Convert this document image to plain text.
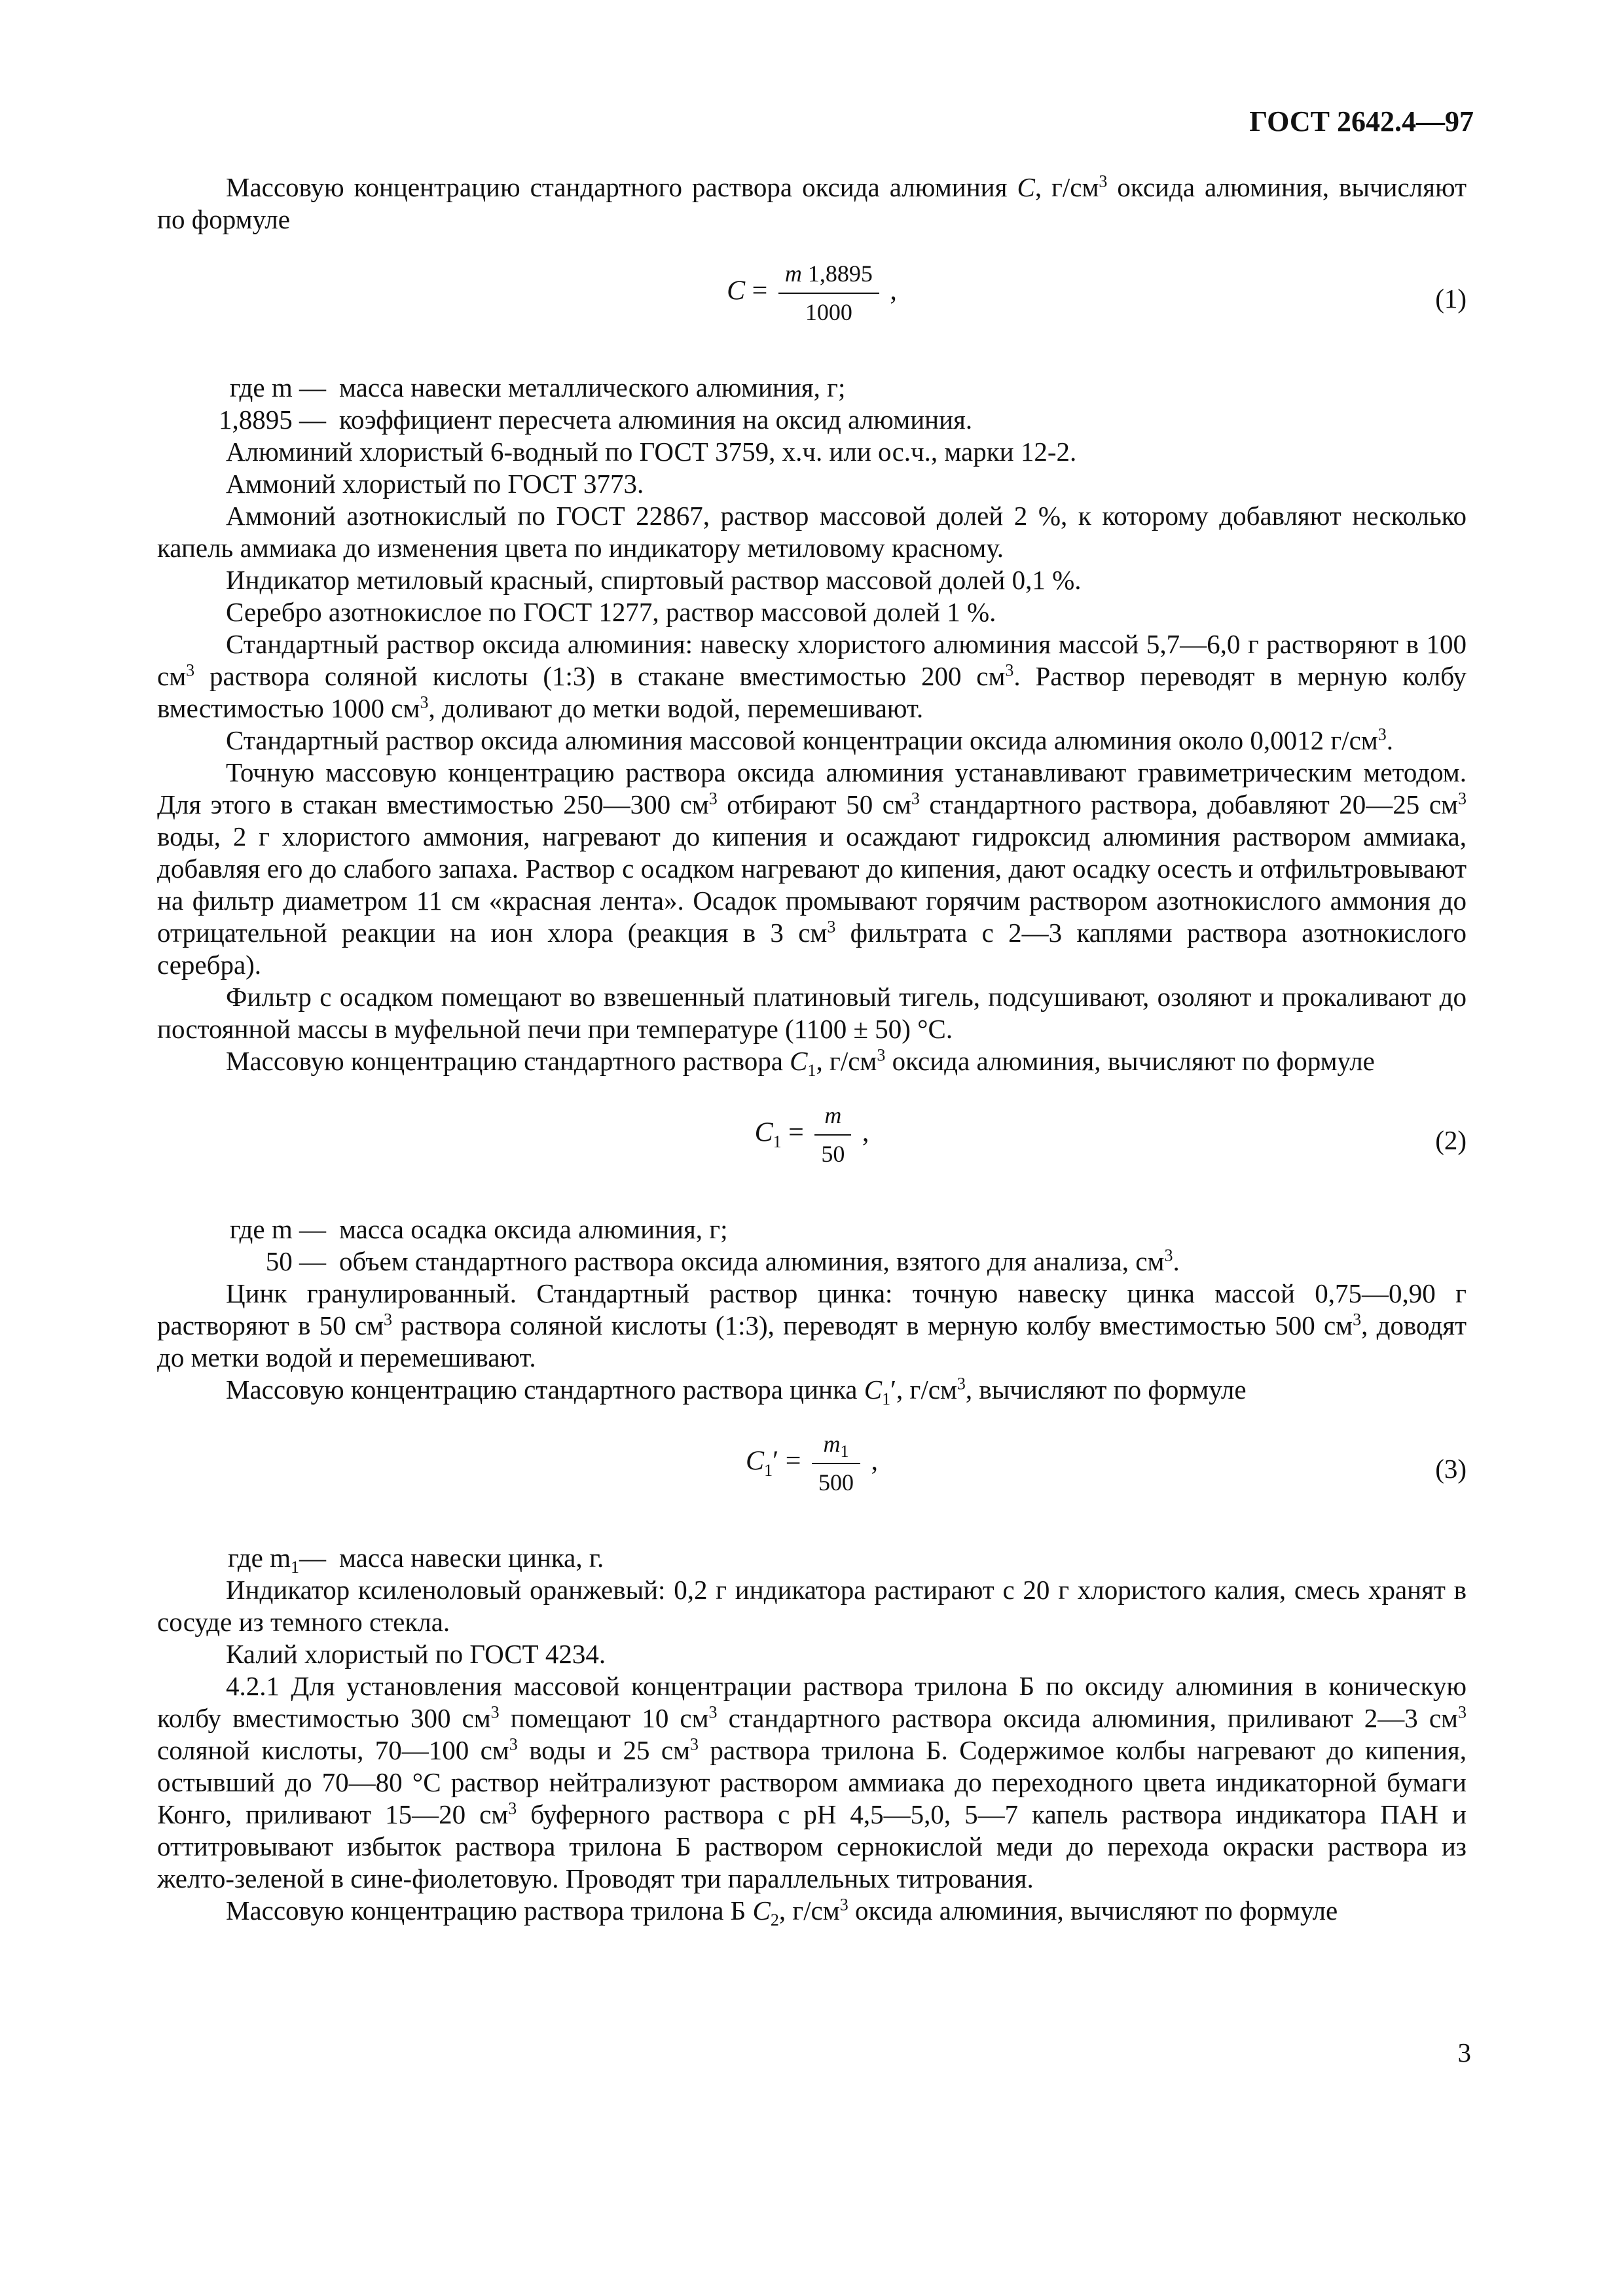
ГОСТ 2642.4—97

Массовую концентрацию стандартного раствора оксида алюминия C, $г/см^3$ оксида алюминия, вычисляют по формуле

$C = \frac{m 1,8895}{1000}$ ,	(1)

где m — масса навески металлического алюминия, г;

1,8895 — коэффициент пересчета алюминия на оксид алюминия.

Алюминий хлористый 6-водный по ГОСТ 3759, х.ч. или ос.ч., марки 12-2.

Аммоний хлористый по ГОСТ 3773.

Аммоний азотнокислый по ГОСТ 22867, раствор массовой долей 2 %, к которому добавляют несколько капель аммиака до изменения цвета по индикатору метиловому красному.

Индикатор метиловый красный, спиртовый раствор массовой долей 0,1 %.

Серебро азотнокислое по ГОСТ 1277, раствор массовой долей 1 %.

Стандартный раствор оксида алюминия: навеску хлористого алюминия массой 5,7—6,0 г растворяют в 100 $см^3$ раствора соляной кислоты (1:3) в стакане вместимостью 200 $см^3$. Раствор переводят в мерную колбу вместимостью 1000 $см^3$, доливают до метки водой, перемешивают.

Стандартный раствор оксида алюминия массовой концентрации оксида алюминия около 0,0012 $г/см^3$.

Точную массовую концентрацию раствора оксида алюминия устанавливают гравиметрическим методом. Для этого в стакан вместимостью 250—300 $см^3$ отбирают 50 $см^3$ стандартного раствора, добавляют 20—25 $см^3$ воды, 2 г хлористого аммония, нагревают до кипения и осаждают гидроксид алюминия раствором аммиака, добавляя его до слабого запаха. Раствор с осадком нагревают до кипения, дают осадку осесть и отфильтровывают на фильтр диаметром 11 см «красная лента». Осадок промывают горячим раствором азотнокислого аммония до отрицательной реакции на ион хлора (реакция в 3 $см^3$ фильтрата с 2—3 каплями раствора азотнокислого серебра).

Фильтр с осадком помещают во взвешенный платиновый тигель, подсушивают, озоляют и прокаливают до постоянной массы в муфельной печи при температуре (1100 ± 50) °С.

Массовую концентрацию стандартного раствора $C_1$, $г/см^3$ оксида алюминия, вычисляют по формуле

$C_1 = \frac{m}{50}$ ,	(2)

где m — масса осадка оксида алюминия, г;

50 — объем стандартного раствора оксида алюминия, взятого для анализа, $см^3$.

Цинк гранулированный. Стандартный раствор цинка: точную навеску цинка массой 0,75—0,90 г растворяют в 50 $см^3$ раствора соляной кислоты (1:3), переводят в мерную колбу вместимостью 500 $см^3$, доводят до метки водой и перемешивают.

Массовую концентрацию стандартного раствора цинка $C_1'$, $г/см^3$, вычисляют по формуле

$C_1' = \frac{m_1}{500}$ ,	(3)

где $m_1—$ масса навески цинка, г.

Индикатор ксиленоловый оранжевый: 0,2 г индикатора растирают с 20 г хлористого калия, смесь хранят в сосуде из темного стекла.

Калий хлористый по ГОСТ 4234.

4.2.1 Для установления массовой концентрации раствора трилона Б по оксиду алюминия в коническую колбу вместимостью 300 $см^3$ помещают 10 $см^3$ стандартного раствора оксида алюминия, приливают 2—3 $см^3$ соляной кислоты, 70—100 $см^3$ воды и 25 $см^3$ раствора трилона Б. Содержимое колбы нагревают до кипения, остывший до 70—80 °С раствор нейтрализуют раствором аммиака до переходного цвета индикаторной бумаги Конго, приливают 15—20 $см^3$ буферного раствора с рН 4,5—5,0, 5—7 капель раствора индикатора ПАН и оттитровывают избыток раствора трилона Б раствором сернокислой меди до перехода окраски раствора из желто-зеленой в сине-фиолетовую. Проводят три параллельных титрования.

Массовую концентрацию раствора трилона Б $C_2$, $г/см^3$ оксида алюминия, вычисляют по формуле

3
